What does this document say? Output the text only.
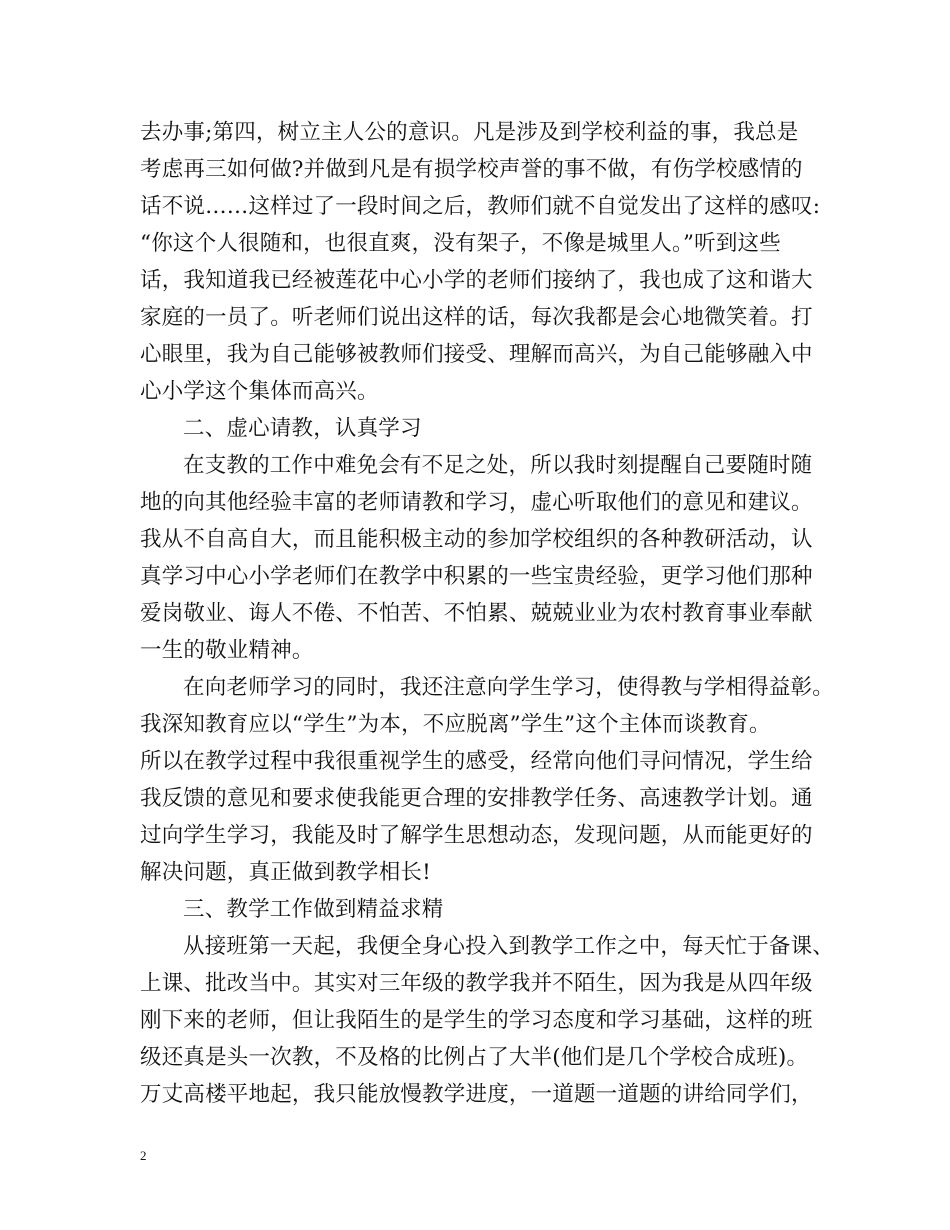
去办事;第四，树立主人公的意识。凡是涉及到学校利益的事，我总是
考虑再三如何做?并做到凡是有损学校声誉的事不做，有伤学校感情的
话不说……这样过了一段时间之后，教师们就不自觉发出了这样的感叹:
“你这个人很随和，也很直爽，没有架子，不像是城里人。”听到这些
话，我知道我已经被莲花中心小学的老师们接纳了，我也成了这和谐大
家庭的一员了。听老师们说出这样的话，每次我都是会心地微笑着。打
心眼里，我为自己能够被教师们接受、理解而高兴，为自己能够融入中
心小学这个集体而高兴。
二、虚心请教，认真学习
在支教的工作中难免会有不足之处，所以我时刻提醒自己要随时随
地的向其他经验丰富的老师请教和学习，虚心听取他们的意见和建议。
我从不自高自大，而且能积极主动的参加学校组织的各种教研活动，认
真学习中心小学老师们在教学中积累的一些宝贵经验，更学习他们那种
爱岗敬业、诲人不倦、不怕苦、不怕累、兢兢业业为农村教育事业奉献
一生的敬业精神。
在向老师学习的同时，我还注意向学生学习，使得教与学相得益彰。
我深知教育应以“学生”为本，不应脱离”学生”这个主体而谈教育。
所以在教学过程中我很重视学生的感受，经常向他们寻问情况，学生给
我反馈的意见和要求使我能更合理的安排教学任务、高速教学计划。通
过向学生学习，我能及时了解学生思想动态，发现问题，从而能更好的
解决问题，真正做到教学相长!
三、教学工作做到精益求精
从接班第一天起，我便全身心投入到教学工作之中，每天忙于备课、
上课、批改当中。其实对三年级的教学我并不陌生，因为我是从四年级
刚下来的老师，但让我陌生的是学生的学习态度和学习基础，这样的班
级还真是头一次教，不及格的比例占了大半(他们是几个学校合成班)。
万丈高楼平地起，我只能放慢教学进度，一道题一道题的讲给同学们，
2
